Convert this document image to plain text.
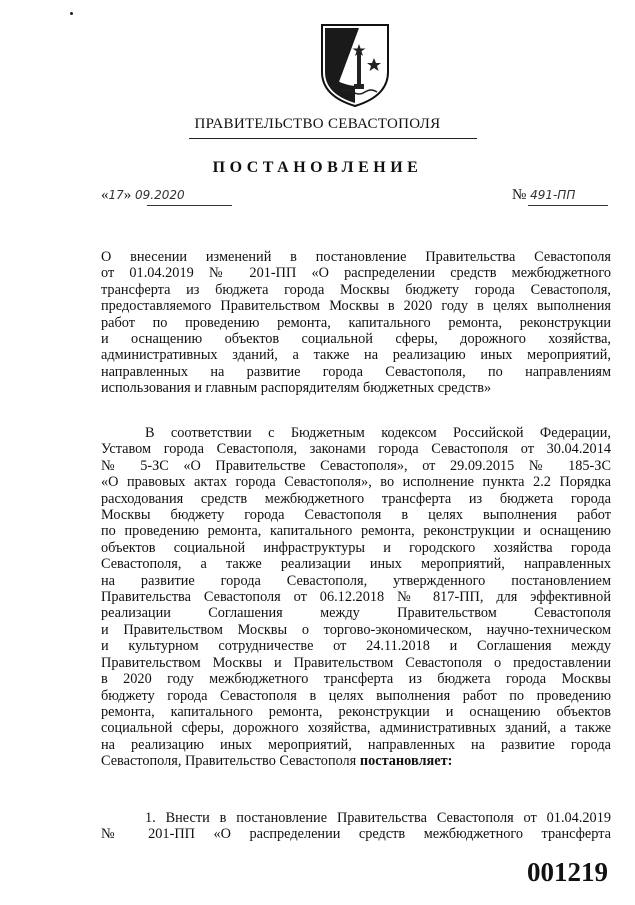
ПРАВИТЕЛЬСТВО СЕВАСТОПОЛЯ
ПОСТАНОВЛЕНИЕ
«17» 09.2020	№ 491-ПП
О внесении изменений в постановление Правительства Севастополя
от 01.04.2019 № 201-ПП «О распределении средств межбюджетного
трансферта из бюджета города Москвы бюджету города Севастополя,
предоставляемого Правительством Москвы в 2020 году в целях выполнения
работ по проведению ремонта, капитального ремонта, реконструкции
и оснащению объектов социальной сферы, дорожного хозяйства,
административных зданий, а также на реализацию иных мероприятий,
направленных на развитие города Севастополя, по направлениям
использования и главным распорядителям бюджетных средств»
В соответствии с Бюджетным кодексом Российской Федерации,
Уставом города Севастополя, законами города Севастополя от 30.04.2014
№ 5-ЗС «О Правительстве Севастополя», от 29.09.2015 № 185-ЗС
«О правовых актах города Севастополя», во исполнение пункта 2.2 Порядка
расходования средств межбюджетного трансферта из бюджета города
Москвы бюджету города Севастополя в целях выполнения работ
по проведению ремонта, капитального ремонта, реконструкции и оснащению
объектов социальной инфраструктуры и городского хозяйства города
Севастополя, а также реализации иных мероприятий, направленных
на развитие города Севастополя, утвержденного постановлением
Правительства Севастополя от 06.12.2018 № 817-ПП, для эффективной
реализации Соглашения между Правительством Севастополя
и Правительством Москвы о торгово-экономическом, научно-техническом
и культурном сотрудничестве от 24.11.2018 и Соглашения между
Правительством Москвы и Правительством Севастополя о предоставлении
в 2020 году межбюджетного трансферта из бюджета города Москвы
бюджету города Севастополя в целях выполнения работ по проведению
ремонта, капитального ремонта, реконструкции и оснащению объектов
социальной сферы, дорожного хозяйства, административных зданий, а также
на реализацию иных мероприятий, направленных на развитие города
Севастополя, Правительство Севастополя постановляет:
1. Внести в постановление Правительства Севастополя от 01.04.2019
№ 201-ПП «О распределении средств межбюджетного трансферта
001219
